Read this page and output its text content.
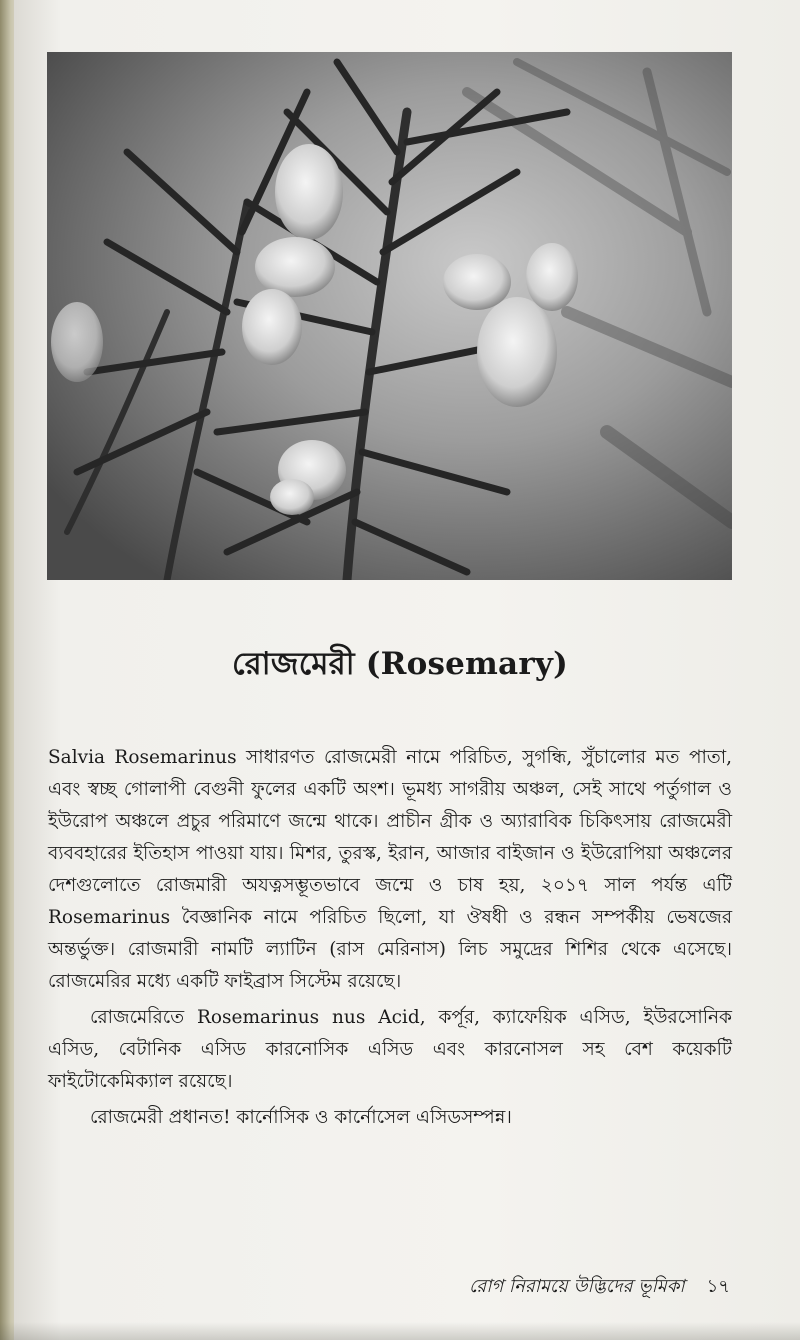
রোজমেরী (Rosemary)

Salvia Rosemarinus সাধারণত রোজমেরী নামে পরিচিত, সুগন্ধি, সুঁচালোর মত পাতা, এবং স্বচ্ছ গোলাপী বেগুনী ফুলের একটি অংশ। ভূমধ্য সাগরীয় অঞ্চল, সেই সাথে পর্তুগাল ও ইউরোপ অঞ্চলে প্রচুর পরিমাণে জন্মে থাকে। প্রাচীন গ্রীক ও অ্যারাবিক চিকিৎসায় রোজমেরী ব্যববহারের ইতিহাস পাওয়া যায়। মিশর, তুরস্ক, ইরান, আজার বাইজান ও ইউরোপিয়া অঞ্চলের দেশগুলোতে রোজমারী অযত্নসম্ভূতভাবে জন্মে ও চাষ হয়, ২০১৭ সাল পর্যন্ত এটি Rosemarinus বৈজ্ঞানিক নামে পরিচিত ছিলো, যা ঔষধী ও রন্ধন সম্পর্কীয় ভেষজের অন্তর্ভুক্ত। রোজমারী নামটি ল্যাটিন (রাস মেরিনাস) লিচ সমুদ্রের শিশির থেকে এসেছে। রোজমেরির মধ্যে একটি ফাইব্রাস সিস্টেম রয়েছে।

রোজমেরিতে Rosemarinus nus Acid, কর্পূর, ক্যাফেয়িক এসিড, ইউরসোনিক এসিড, বেটানিক এসিড কারনোসিক এসিড এবং কারনোসল সহ বেশ কয়েকটি ফাইটোকেমিক্যাল রয়েছে।

রোজমেরী প্রধানত! কার্নোসিক ও কার্নোসেল এসিডসম্পন্ন।

রোগ নিরাময়ে উদ্ভিদের ভূমিকা ১৭
